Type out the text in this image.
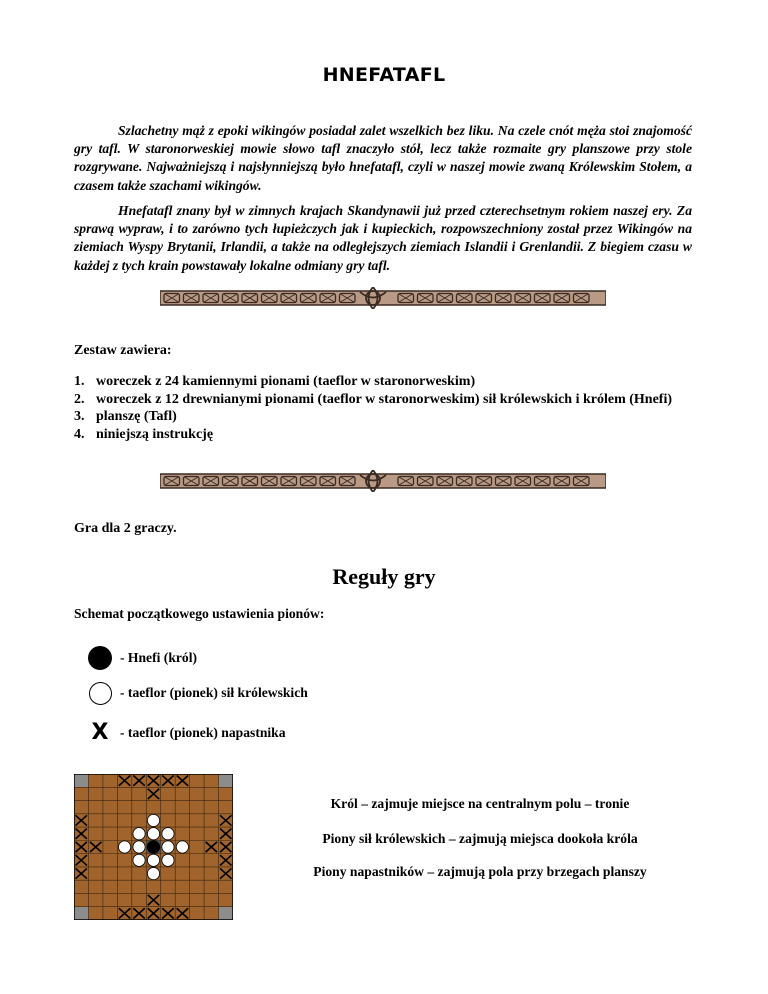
HNEFATAFL

Szlachetny mąż z epoki wikingów posiadał zalet wszelkich bez liku. Na czele cnót męża stoi znajomość gry tafl. W staronorweskiej mowie słowo tafl znaczyło stół, lecz także rozmaite gry planszowe przy stole rozgrywane. Najważniejszą i najsłynniejszą było hnefatafl, czyli w naszej mowie zwaną Królewskim Stołem, a czasem także szachami wikingów.

Hnefatafl znany był w zimnych krajach Skandynawii już przed czterechsetnym rokiem naszej ery. Za sprawą wypraw, i to zarówno tych łupieżczych jak i kupieckich, rozpowszechniony został przez Wikingów na ziemiach Wyspy Brytanii, Irlandii, a także na odległejszych ziemiach Islandii i Grenlandii. Z biegiem czasu w każdej z tych krain powstawały lokalne odmiany gry tafl.

Zestaw zawiera:
1. woreczek z 24 kamiennymi pionami (taeflor w staronorweskim)
2. woreczek z 12 drewnianymi pionami (taeflor w staronorweskim) sił królewskich i królem (Hnefi)
3. planszę (Tafl)
4. niniejszą instrukcję
Gra dla 2 graczy.
Reguły gry
Schemat początkowego ustawienia pionów:
- Hnefi (król)
- taeflor (pionek) sił królewskich
X - taeflor (pionek) napastnika
Król – zajmuje miejsce na centralnym polu – tronie
Piony sił królewskich – zajmują miejsca dookoła króla
Piony napastników – zajmują pola przy brzegach planszy
